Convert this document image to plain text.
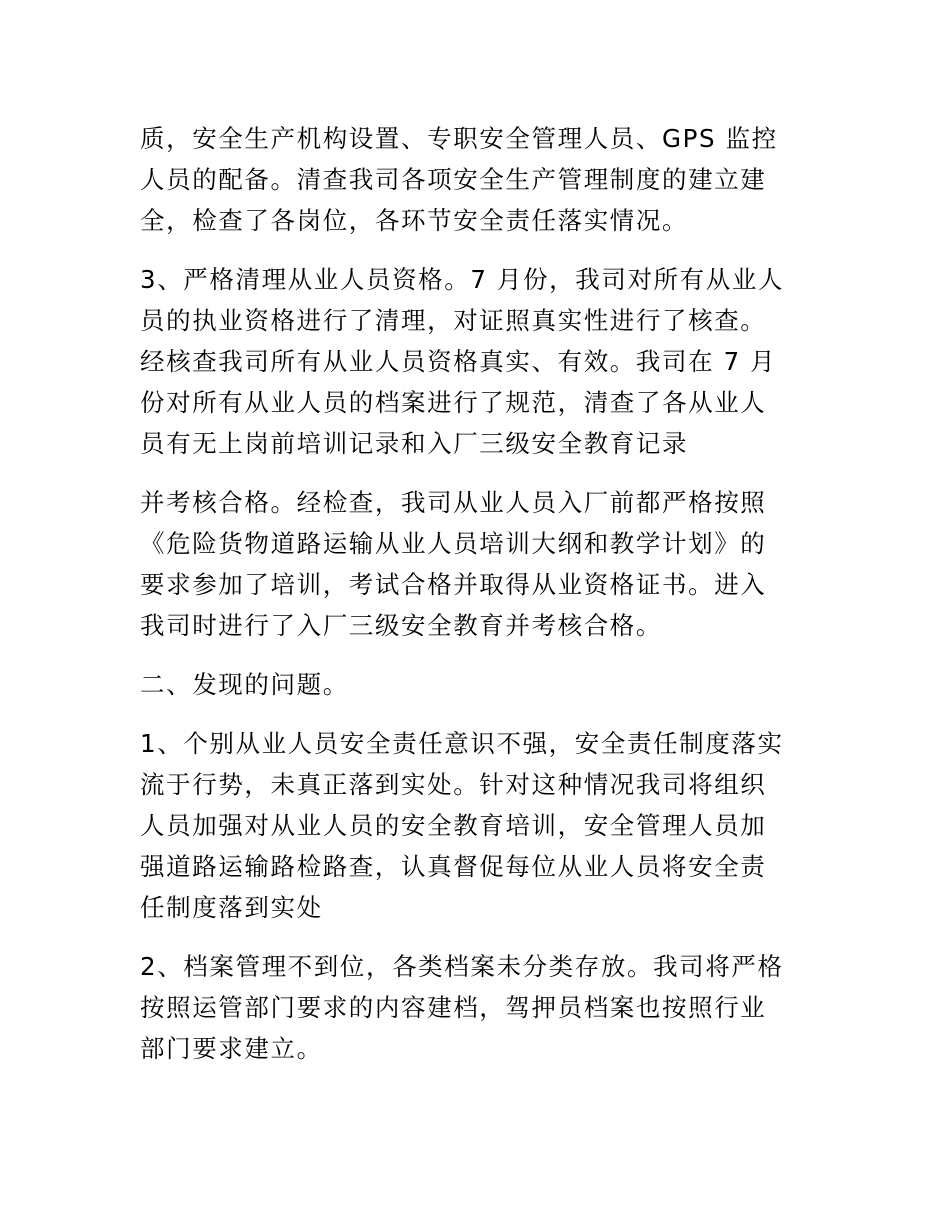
质，安全生产机构设置、专职安全管理人员、GPS 监控
人员的配备。清查我司各项安全生产管理制度的建立建
全，检查了各岗位，各环节安全责任落实情况。

3、严格清理从业人员资格。7 月份，我司对所有从业人
员的执业资格进行了清理，对证照真实性进行了核查。
经核查我司所有从业人员资格真实、有效。我司在 7 月
份对所有从业人员的档案进行了规范，清查了各从业人
员有无上岗前培训记录和入厂三级安全教育记录

并考核合格。经检查，我司从业人员入厂前都严格按照
《危险货物道路运输从业人员培训大纲和教学计划》的
要求参加了培训，考试合格并取得从业资格证书。进入
我司时进行了入厂三级安全教育并考核合格。

二、发现的问题。

1、个别从业人员安全责任意识不强，安全责任制度落实
流于行势，未真正落到实处。针对这种情况我司将组织
人员加强对从业人员的安全教育培训，安全管理人员加
强道路运输路检路查，认真督促每位从业人员将安全责
任制度落到实处

2、档案管理不到位，各类档案未分类存放。我司将严格
按照运管部门要求的内容建档，驾押员档案也按照行业
部门要求建立。
